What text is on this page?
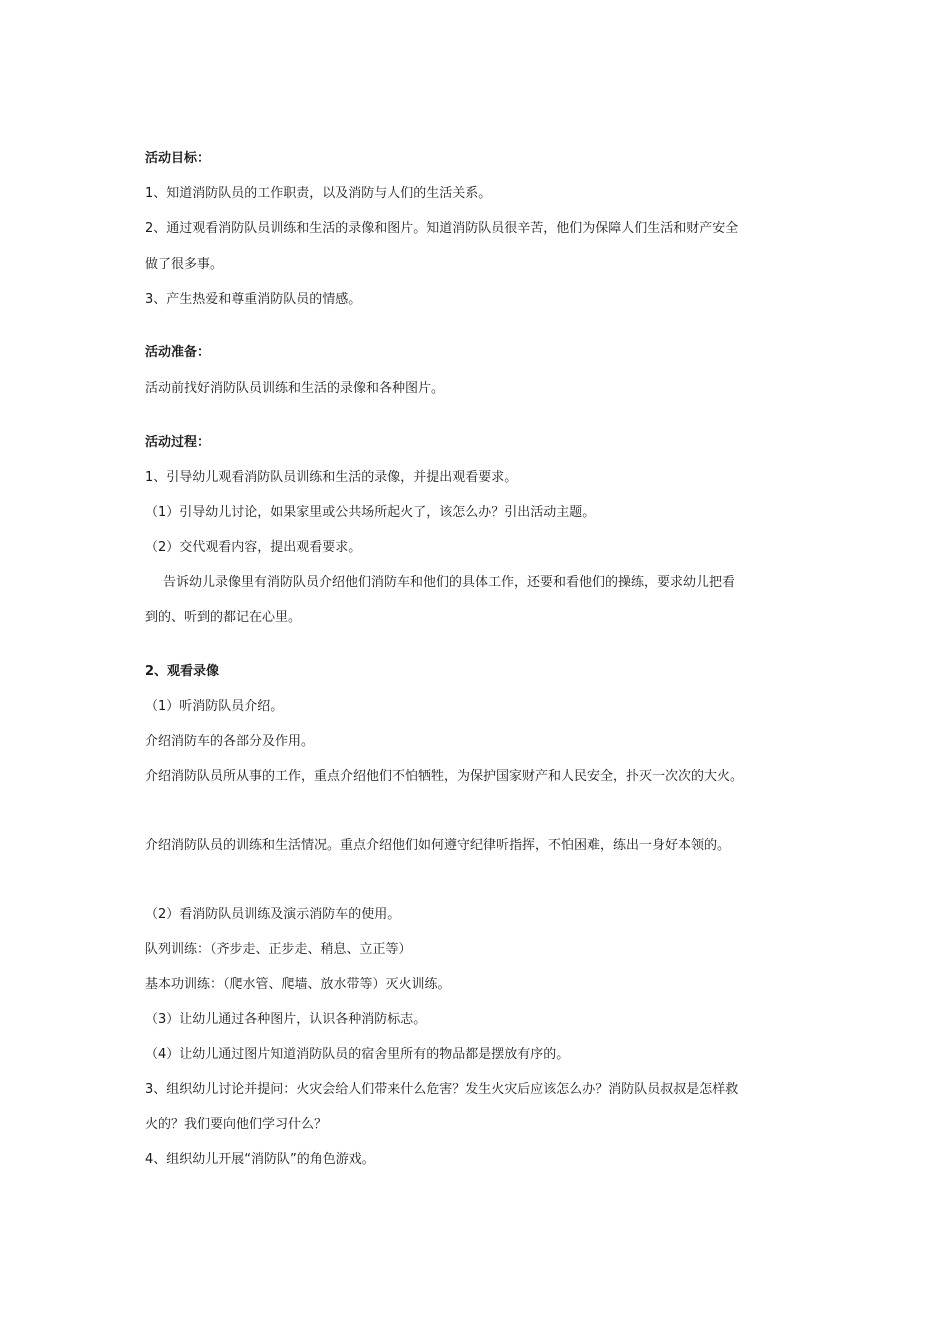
活动目标：
1、知道消防队员的工作职责，以及消防与人们的生活关系。
2、通过观看消防队员训练和生活的录像和图片。知道消防队员很辛苦，他们为保障人们生活和财产安全
做了很多事。
3、产生热爱和尊重消防队员的情感。
活动准备：
活动前找好消防队员训练和生活的录像和各种图片。
活动过程：
1、引导幼儿观看消防队员训练和生活的录像，并提出观看要求。
（1）引导幼儿讨论，如果家里或公共场所起火了，该怎么办？引出活动主题。
（2）交代观看内容，提出观看要求。
告诉幼儿录像里有消防队员介绍他们消防车和他们的具体工作，还要和看他们的操练，要求幼儿把看
到的、听到的都记在心里。
2、观看录像
（1）听消防队员介绍。
介绍消防车的各部分及作用。
介绍消防队员所从事的工作，重点介绍他们不怕牺牲，为保护国家财产和人民安全，扑灭一次次的大火。
介绍消防队员的训练和生活情况。重点介绍他们如何遵守纪律听指挥，不怕困难，练出一身好本领的。
（2）看消防队员训练及演示消防车的使用。
队列训练：（齐步走、正步走、稍息、立正等）
基本功训练：（爬水管、爬墙、放水带等）灭火训练。
（3）让幼儿通过各种图片，认识各种消防标志。
（4）让幼儿通过图片知道消防队员的宿舍里所有的物品都是摆放有序的。
3、组织幼儿讨论并提问：火灾会给人们带来什么危害？发生火灾后应该怎么办？消防队员叔叔是怎样救
火的？我们要向他们学习什么？
4、组织幼儿开展“消防队”的角色游戏。
